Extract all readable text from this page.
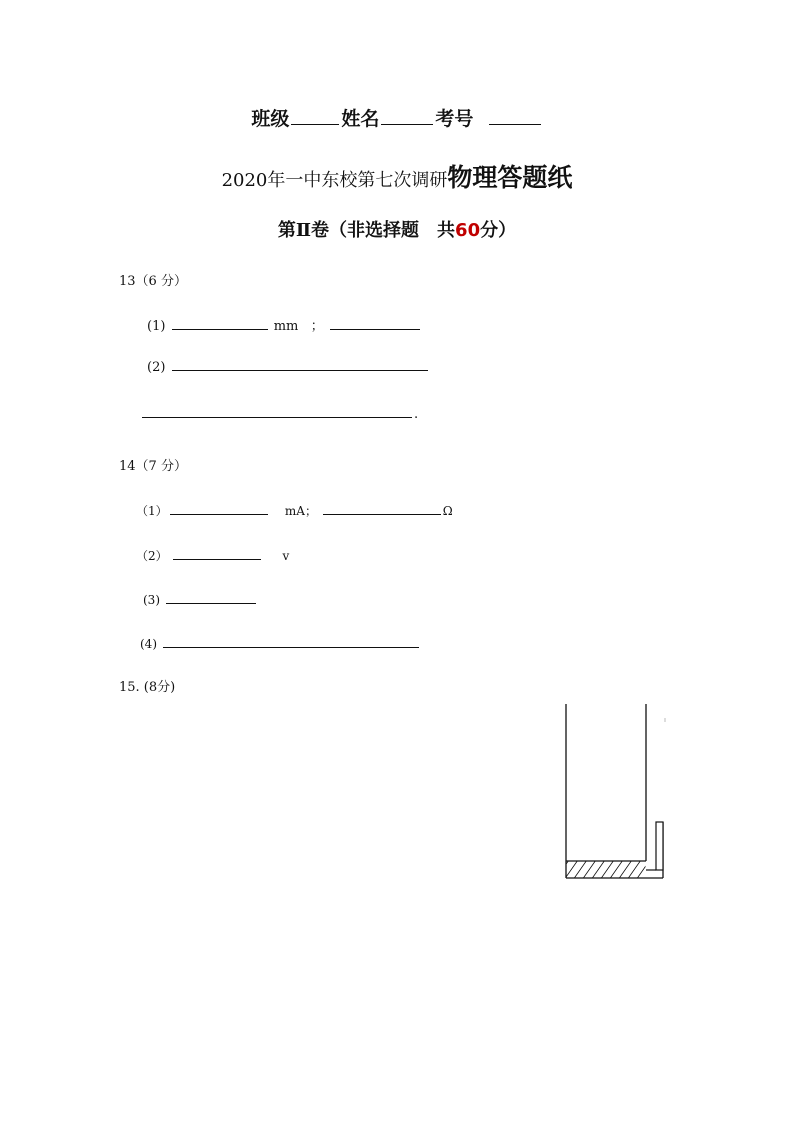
班级	姓名	考号
2020年一中东校第七次调研物理答题纸
第Ⅱ卷（非选择题　共60分）
13（6 分）
(1)	mm ；
(2)
.
14（7 分）
（1）	mA；	Ω
（2）	v
(3)
(4)
15. (8分)
